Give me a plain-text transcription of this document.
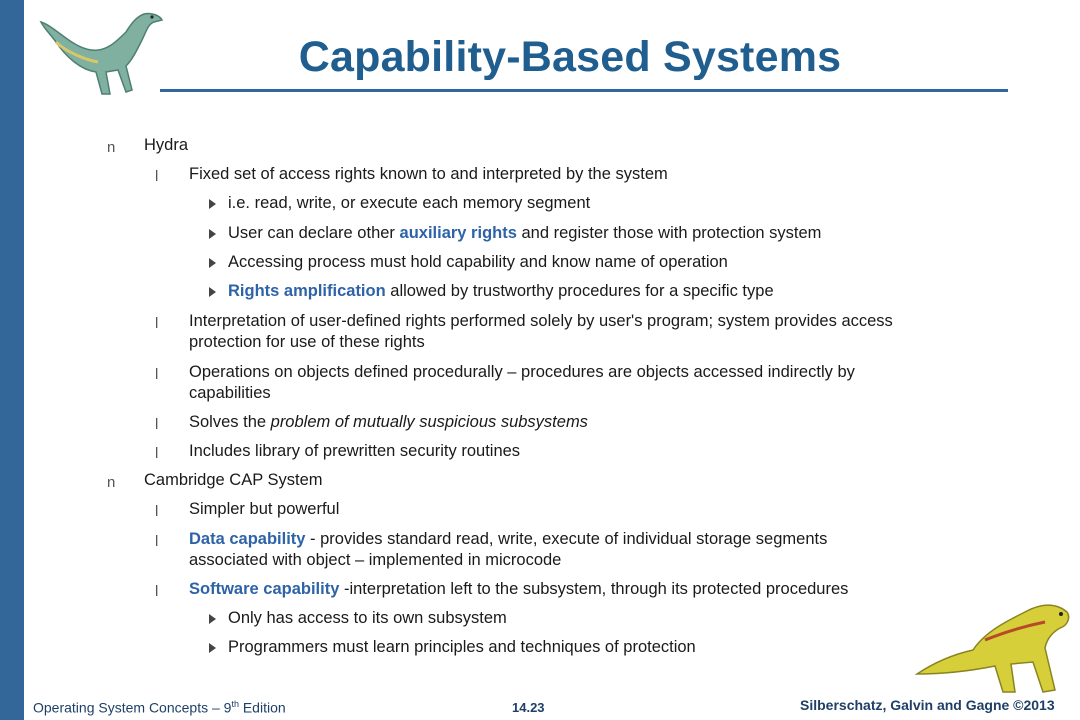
Capability-Based Systems
n Hydra
l Fixed set of access rights known to and interpreted by the system
i.e. read, write, or execute each memory segment
User can declare other auxiliary rights and register those with protection system
Accessing process must hold capability and know name of operation
Rights amplification allowed by trustworthy procedures for a specific type
l Interpretation of user-defined rights performed solely by user's program; system provides access
protection for use of these rights
l Operations on objects defined procedurally – procedures are objects accessed indirectly by
capabilities
l Solves the problem of mutually suspicious subsystems
l Includes library of prewritten security routines
n Cambridge CAP System
l Simpler but powerful
l Data capability - provides standard read, write, execute of individual storage segments
associated with object – implemented in microcode
l Software capability -interpretation left to the subsystem, through its protected procedures
Only has access to its own subsystem
Programmers must learn principles and techniques of protection
Operating System Concepts – 9th Edition	14.23	Silberschatz, Galvin and Gagne ©2013
